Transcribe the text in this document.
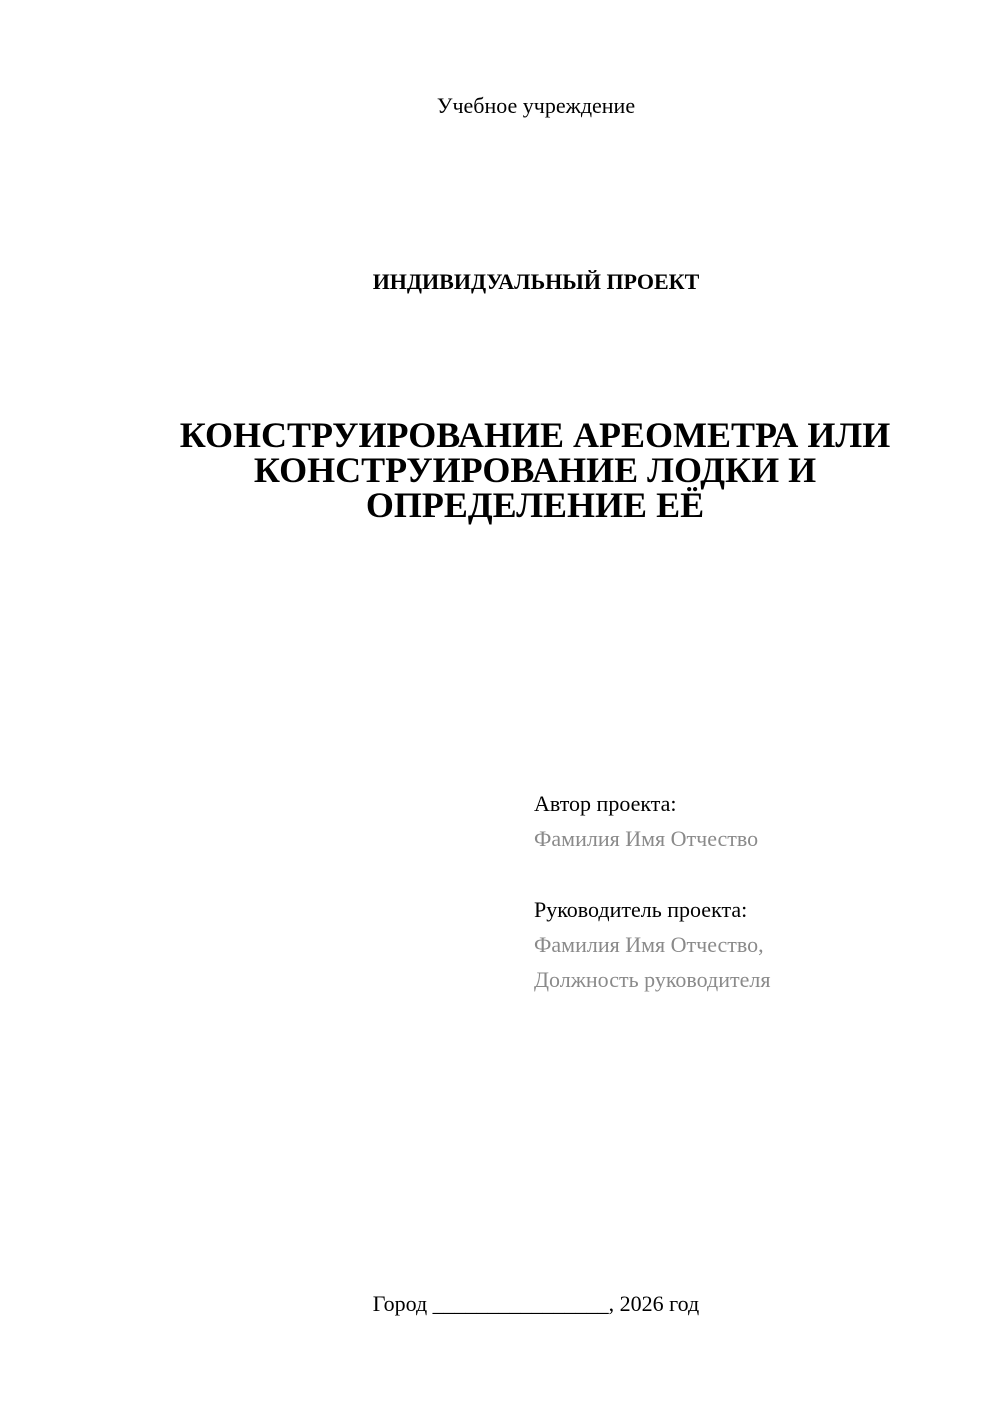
Учебное учреждение
ИНДИВИДУАЛЬНЫЙ ПРОЕКТ
КОНСТРУИРОВАНИЕ АРЕОМЕТРА ИЛИ
КОНСТРУИРОВАНИЕ ЛОДКИ И
ОПРЕДЕЛЕНИЕ ЕЁ
Автор проекта:
Фамилия Имя Отчество
Руководитель проекта:
Фамилия Имя Отчество,
Должность руководителя
Город ________________, 2026 год
